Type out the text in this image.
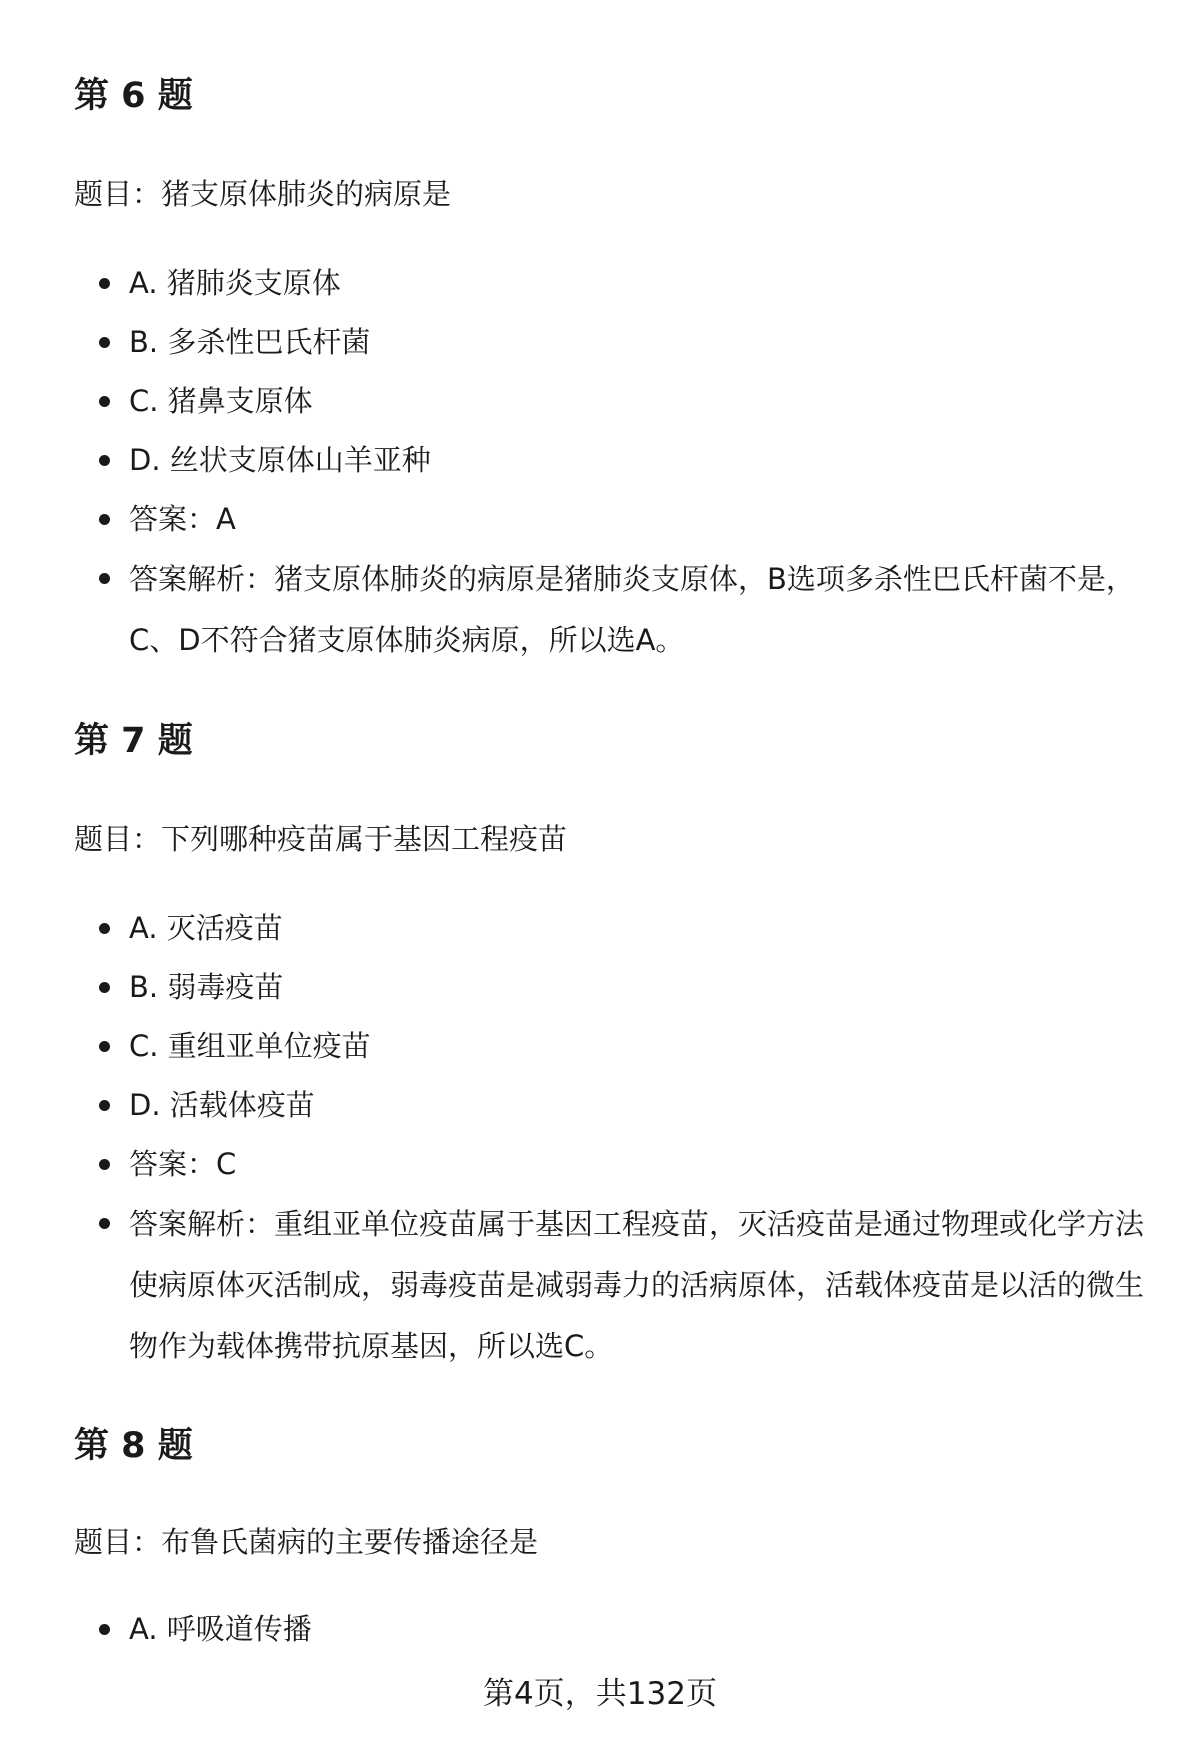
第 6 题

题目：猪支原体肺炎的病原是

A. 猪肺炎支原体
B. 多杀性巴氏杆菌
C. 猪鼻支原体
D. 丝状支原体山羊亚种
答案：A
答案解析：猪支原体肺炎的病原是猪肺炎支原体，B选项多杀性巴氏杆菌不是，C、D不符合猪支原体肺炎病原，所以选A。
第 7 题

题目：下列哪种疫苗属于基因工程疫苗

A. 灭活疫苗
B. 弱毒疫苗
C. 重组亚单位疫苗
D. 活载体疫苗
答案：C
答案解析：重组亚单位疫苗属于基因工程疫苗，灭活疫苗是通过物理或化学方法使病原体灭活制成，弱毒疫苗是减弱毒力的活病原体，活载体疫苗是以活的微生物作为载体携带抗原基因，所以选C。
第 8 题

题目：布鲁氏菌病的主要传播途径是

A. 呼吸道传播
第4页，共132页
